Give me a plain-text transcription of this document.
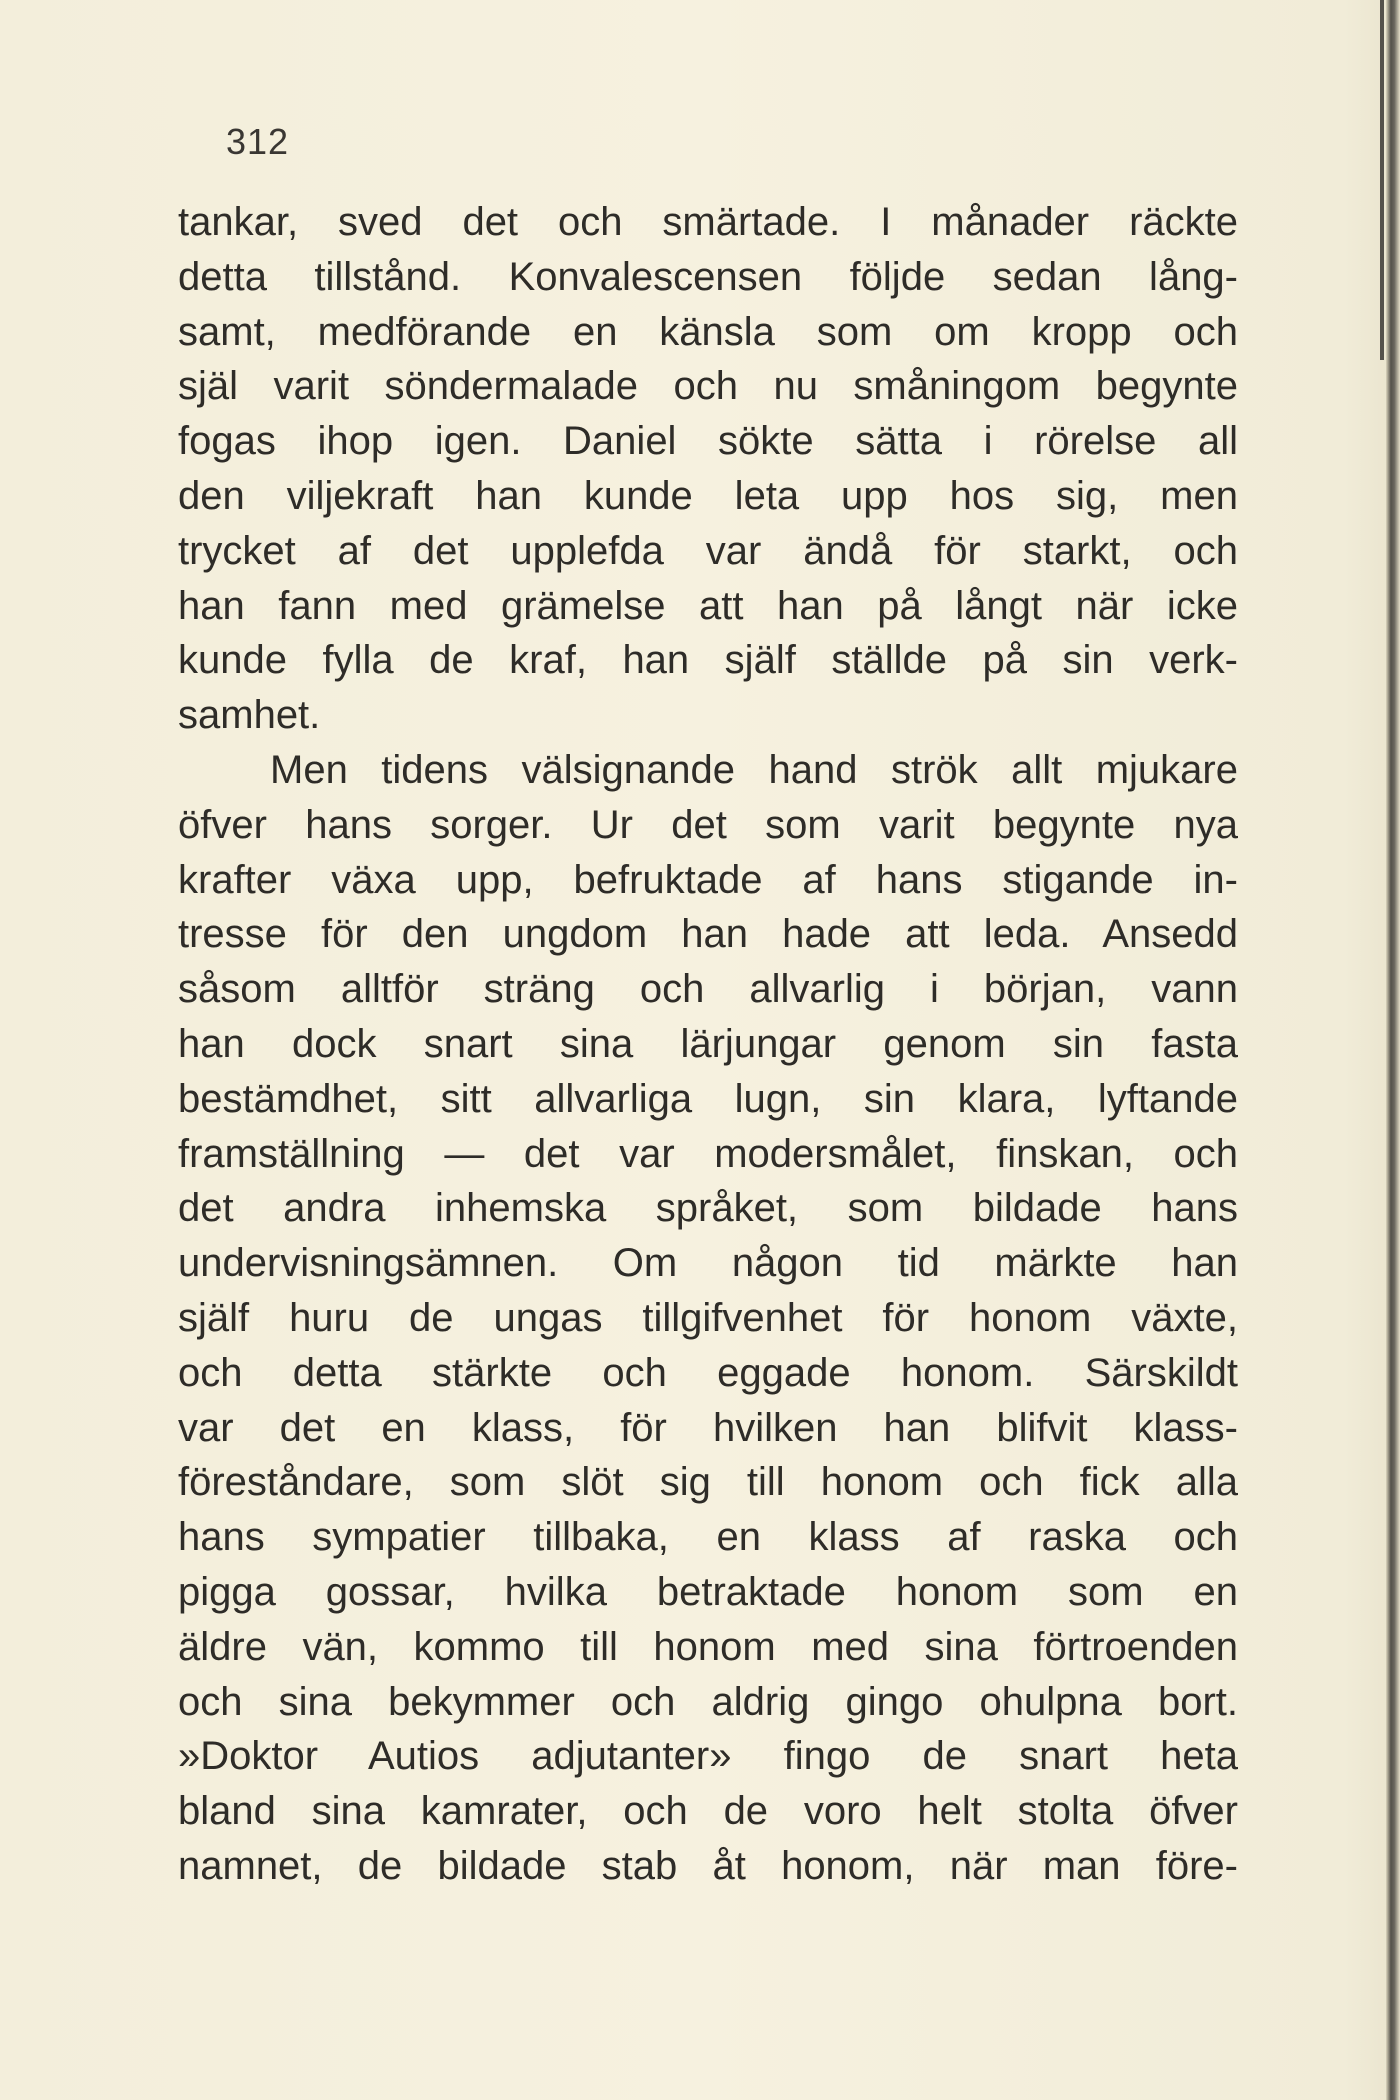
312
tankar, sved det och smärtade. I månader räckte
detta tillstånd. Konvalescensen följde sedan lång-
samt, medförande en känsla som om kropp och
själ varit söndermalade och nu småningom begynte
fogas ihop igen. Daniel sökte sätta i rörelse all
den viljekraft han kunde leta upp hos sig, men
trycket af det upplefda var ändå för starkt, och
han fann med grämelse att han på långt när icke
kunde fylla de kraf, han själf ställde på sin verk-
samhet.
Men tidens välsignande hand strök allt mjukare
öfver hans sorger. Ur det som varit begynte nya
krafter växa upp, befruktade af hans stigande in-
tresse för den ungdom han hade att leda. Ansedd
såsom alltför sträng och allvarlig i början, vann
han dock snart sina lärjungar genom sin fasta
bestämdhet, sitt allvarliga lugn, sin klara, lyftande
framställning — det var modersmålet, finskan, och
det andra inhemska språket, som bildade hans
undervisningsämnen. Om någon tid märkte han
själf huru de ungas tillgifvenhet för honom växte,
och detta stärkte och eggade honom. Särskildt
var det en klass, för hvilken han blifvit klass-
föreståndare, som slöt sig till honom och fick alla
hans sympatier tillbaka, en klass af raska och
pigga gossar, hvilka betraktade honom som en
äldre vän, kommo till honom med sina förtroenden
och sina bekymmer och aldrig gingo ohulpna bort.
»Doktor Autios adjutanter» fingo de snart heta
bland sina kamrater, och de voro helt stolta öfver
namnet, de bildade stab åt honom, när man före-
